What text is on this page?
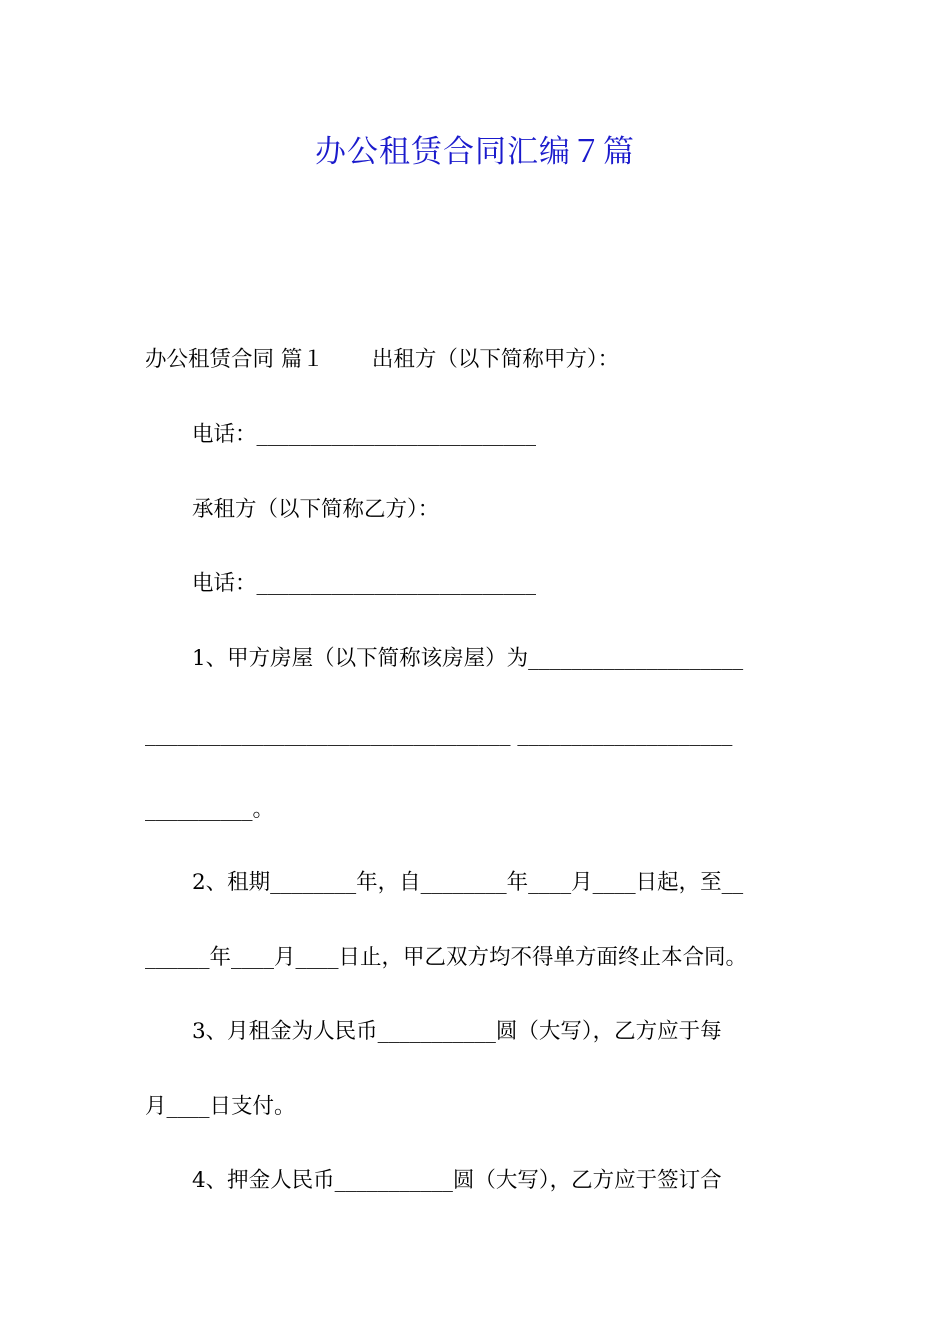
办公租赁合同汇编７篇
办公租赁合同 篇１ 出租方（以下简称甲方）：
电话：__________________________
承租方（以下简称乙方）：
电话：__________________________
1、甲方房屋（以下简称该房屋）为____________________
__________________________________ ____________________
__________。
2、租期________年，自________年____月____日起，至__
______年____月____日止，甲乙双方均不得单方面终止本合同。
3、月租金为人民币___________圆（大写），乙方应于每
月____日支付。
4、押金人民币___________圆（大写），乙方应于签订合
